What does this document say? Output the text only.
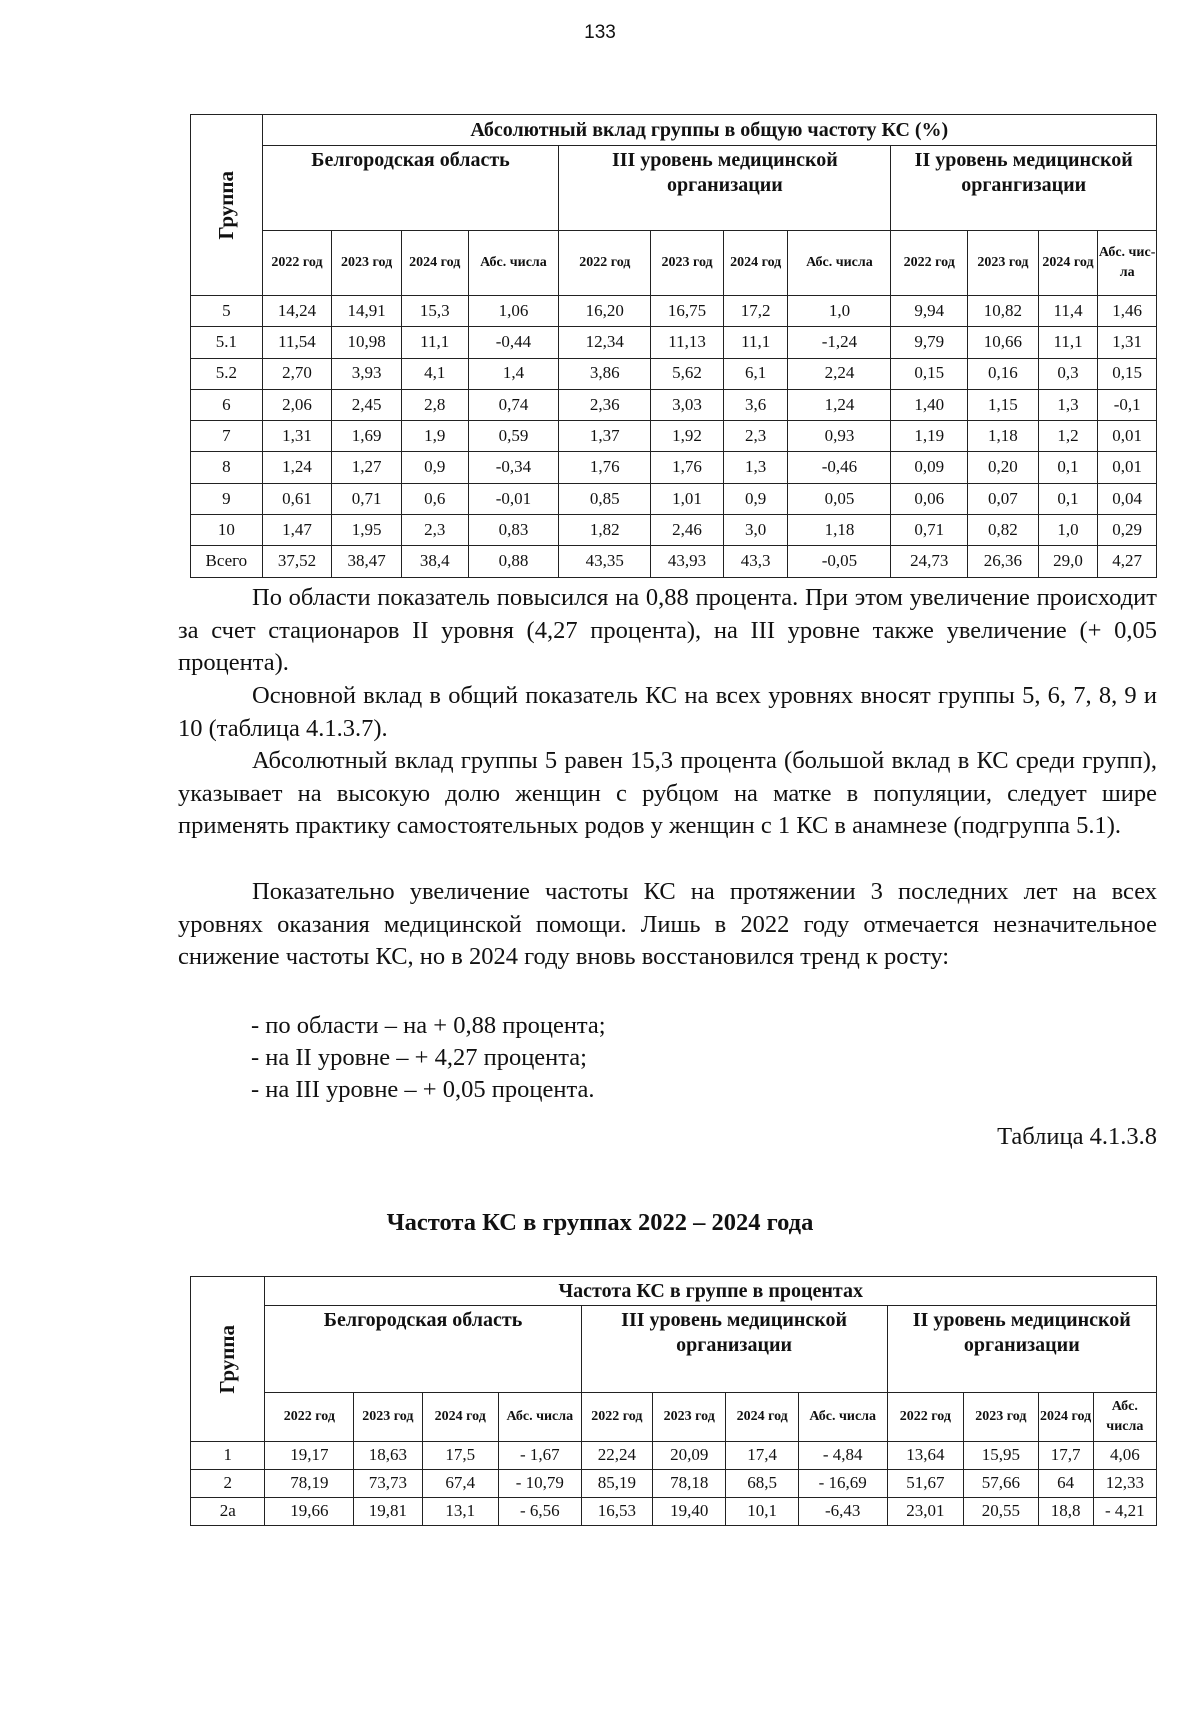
133
Группа	Абсолютный вклад группы в общую частоту КС (%)											
	Белгородская область				III уровень медицинской организации				II уровень медицинской органгизации			
	2022 год	2023 год	2024 год	Абс. числа	2022 год	2023 год	2024 год	Абс. числа	2022 год	2023 год	2024 год	Абс. чис-ла
5	14,24	14,91	15,3	1,06	16,20	16,75	17,2	1,0	9,94	10,82	11,4	1,46
5.1	11,54	10,98	11,1	-0,44	12,34	11,13	11,1	-1,24	9,79	10,66	11,1	1,31
5.2	2,70	3,93	4,1	1,4	3,86	5,62	6,1	2,24	0,15	0,16	0,3	0,15
6	2,06	2,45	2,8	0,74	2,36	3,03	3,6	1,24	1,40	1,15	1,3	-0,1
7	1,31	1,69	1,9	0,59	1,37	1,92	2,3	0,93	1,19	1,18	1,2	0,01
8	1,24	1,27	0,9	-0,34	1,76	1,76	1,3	-0,46	0,09	0,20	0,1	0,01
9	0,61	0,71	0,6	-0,01	0,85	1,01	0,9	0,05	0,06	0,07	0,1	0,04
10	1,47	1,95	2,3	0,83	1,82	2,46	3,0	1,18	0,71	0,82	1,0	0,29
Всего	37,52	38,47	38,4	0,88	43,35	43,93	43,3	-0,05	24,73	26,36	29,0	4,27

По области показатель повысился на 0,88 процента. При этом увеличение происходит за счет стационаров II уровня (4,27 процента), на III уровне также увеличение (+ 0,05 процента).

Основной вклад в общий показатель КС на всех уровнях вносят группы 5, 6, 7, 8, 9 и 10 (таблица 4.1.3.7).

Абсолютный вклад группы 5 равен 15,3 процента (большой вклад в КС среди групп), указывает на высокую долю женщин с рубцом на матке в популяции, следует шире применять практику самостоятельных родов у женщин с 1 КС в анамнезе (подгруппа 5.1).

Показательно увеличение частоты КС на протяжении 3 последних лет на всех уровнях оказания медицинской помощи. Лишь в 2022 году отмечается незначительное снижение частоты КС, но в 2024 году вновь восстановился тренд к росту:

- по области – на + 0,88 процента;

- на II уровне – + 4,27 процента;

- на III уровне – + 0,05 процента.

Таблица 4.1.3.8

Частота КС в группах 2022 – 2024 года

Группа	Частота КС в группе в процентах											
	Белгородская область				III уровень медицинской организации				II уровень медицинской организации			
	2022 год	2023 год	2024 год	Абс. числа	2022 год	2023 год	2024 год	Абс. числа	2022 год	2023 год	2024 год	Абс. числа
1	19,17	18,63	17,5	- 1,67	22,24	20,09	17,4	- 4,84	13,64	15,95	17,7	4,06
2	78,19	73,73	67,4	- 10,79	85,19	78,18	68,5	- 16,69	51,67	57,66	64	12,33
2а	19,66	19,81	13,1	- 6,56	16,53	19,40	10,1	-6,43	23,01	20,55	18,8	- 4,21
